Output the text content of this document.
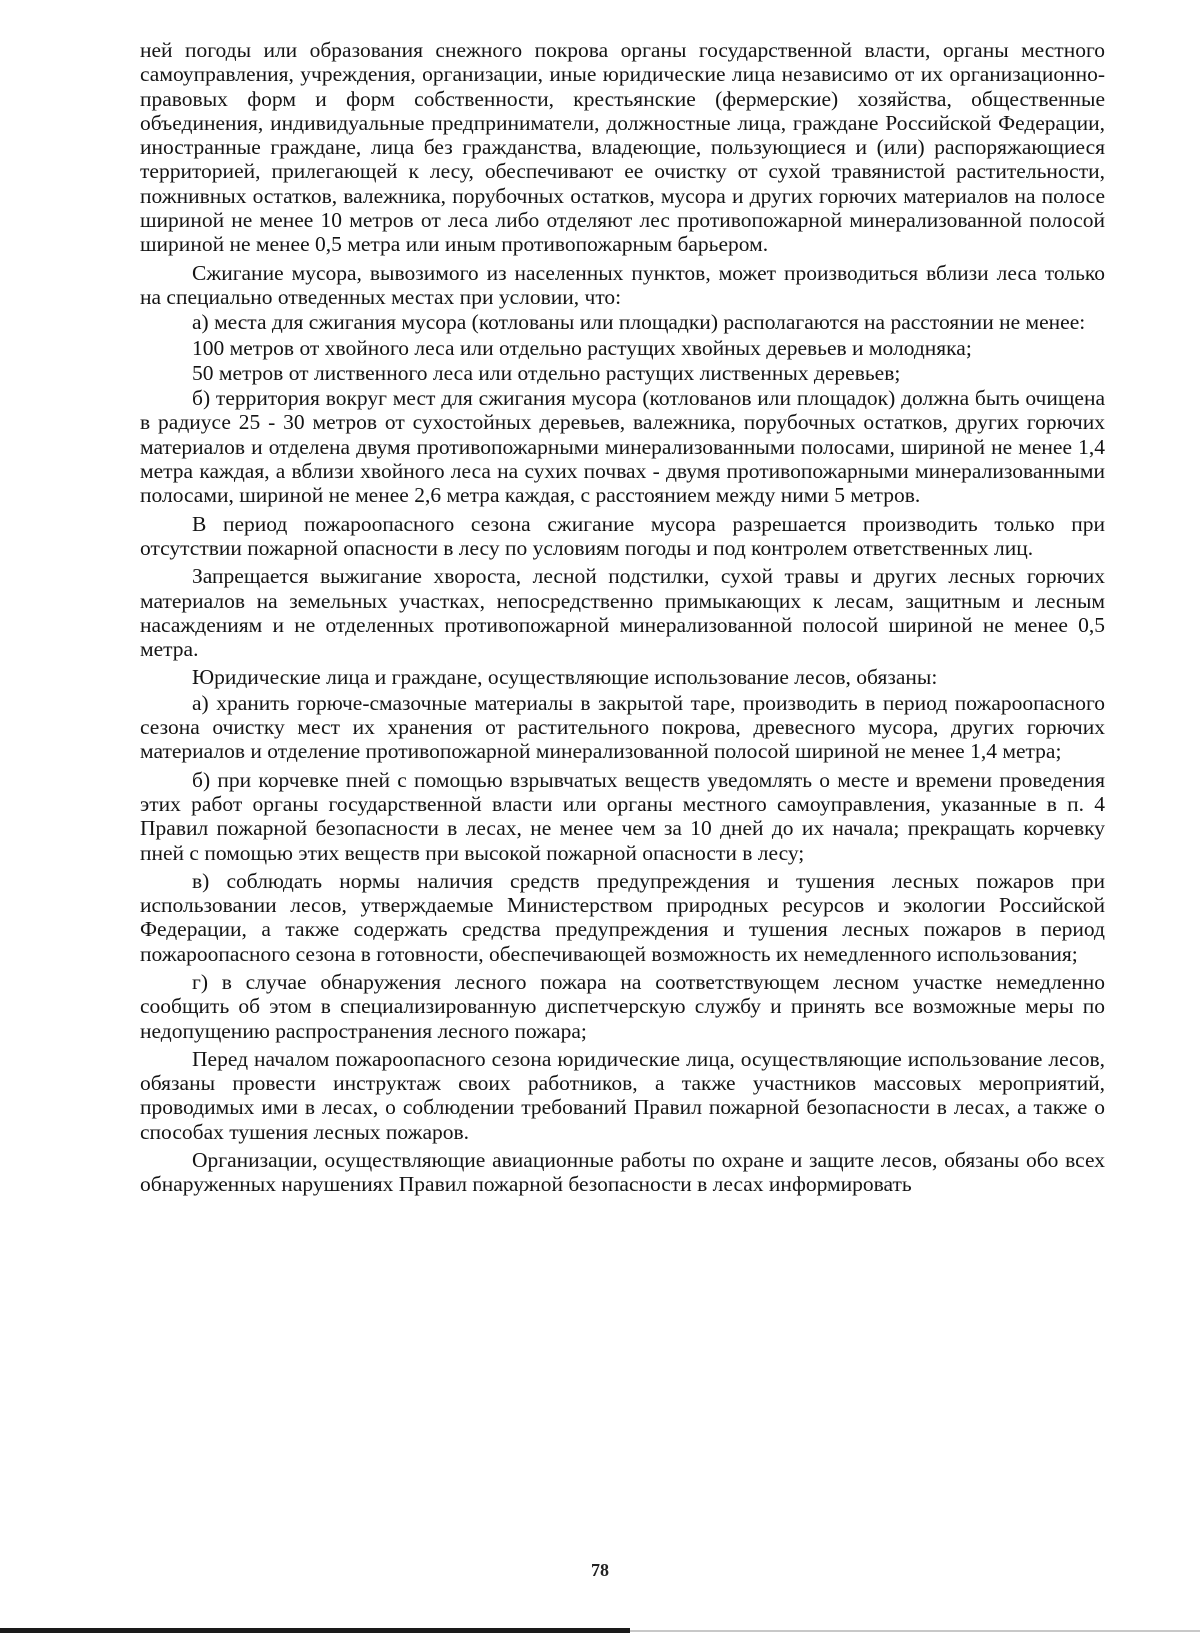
ней погоды или образования снежного покрова органы государственной власти, органы местного самоуправления, учреждения, организации, иные юридические лица независимо от их организационно-правовых форм и форм собственности, крестьянские (фермерские) хозяйства, общественные объединения, индивидуальные предприниматели, должностные лица, граждане Российской Федерации, иностранные граждане, лица без гражданства, владеющие, пользующиеся и (или) распоряжающиеся территорией, прилегающей к лесу, обеспечивают ее очистку от сухой травянистой растительности, пожнивных остатков, валежника, порубочных остатков, мусора и других горючих материалов на полосе шириной не менее 10 метров от леса либо отделяют лес противопожарной минерализованной полосой шириной не менее 0,5 метра или иным противопожарным барьером.

Сжигание мусора, вывозимого из населенных пунктов, может производиться вблизи леса только на специально отведенных местах при условии, что:

а) места для сжигания мусора (котлованы или площадки) располагаются на расстоянии не менее:

100 метров от хвойного леса или отдельно растущих хвойных деревьев и молодняка;

50 метров от лиственного леса или отдельно растущих лиственных деревьев;

б) территория вокруг мест для сжигания мусора (котлованов или площадок) должна быть очищена в радиусе 25 - 30 метров от сухостойных деревьев, валежника, порубочных остатков, других горючих материалов и отделена двумя противопожарными минерализованными полосами, шириной не менее 1,4 метра каждая, а вблизи хвойного леса на сухих почвах - двумя противопожарными минерализованными полосами, шириной не менее 2,6 метра каждая, с расстоянием между ними 5 метров.

В период пожароопасного сезона сжигание мусора разрешается производить только при отсутствии пожарной опасности в лесу по условиям погоды и под контролем ответственных лиц.

Запрещается выжигание хвороста, лесной подстилки, сухой травы и других лесных горючих материалов на земельных участках, непосредственно примыкающих к лесам, защитным и лесным насаждениям и не отделенных противопожарной минерализованной полосой шириной не менее 0,5 метра.

Юридические лица и граждане, осуществляющие использование лесов, обязаны:

а) хранить горюче-смазочные материалы в закрытой таре, производить в период пожароопасного сезона очистку мест их хранения от растительного покрова, древесного мусора, других горючих материалов и отделение противопожарной минерализованной полосой шириной не менее 1,4 метра;

б) при корчевке пней с помощью взрывчатых веществ уведомлять о месте и времени проведения этих работ органы государственной власти или органы местного самоуправления, указанные в п. 4 Правил пожарной безопасности в лесах, не менее чем за 10 дней до их начала; прекращать корчевку пней с помощью этих веществ при высокой пожарной опасности в лесу;

в) соблюдать нормы наличия средств предупреждения и тушения лесных пожаров при использовании лесов, утверждаемые Министерством природных ресурсов и экологии Российской Федерации, а также содержать средства предупреждения и тушения лесных пожаров в период пожароопасного сезона в готовности, обеспечивающей возможность их немедленного использования;

г) в случае обнаружения лесного пожара на соответствующем лесном участке немедленно сообщить об этом в специализированную диспетчерскую службу и принять все возможные меры по недопущению распространения лесного пожара;

Перед началом пожароопасного сезона юридические лица, осуществляющие использование лесов, обязаны провести инструктаж своих работников, а также участников массовых мероприятий, проводимых ими в лесах, о соблюдении требований Правил пожарной безопасности в лесах, а также о способах тушения лесных пожаров.

Организации, осуществляющие авиационные работы по охране и защите лесов, обязаны обо всех обнаруженных нарушениях Правил пожарной безопасности в лесах информировать

78
